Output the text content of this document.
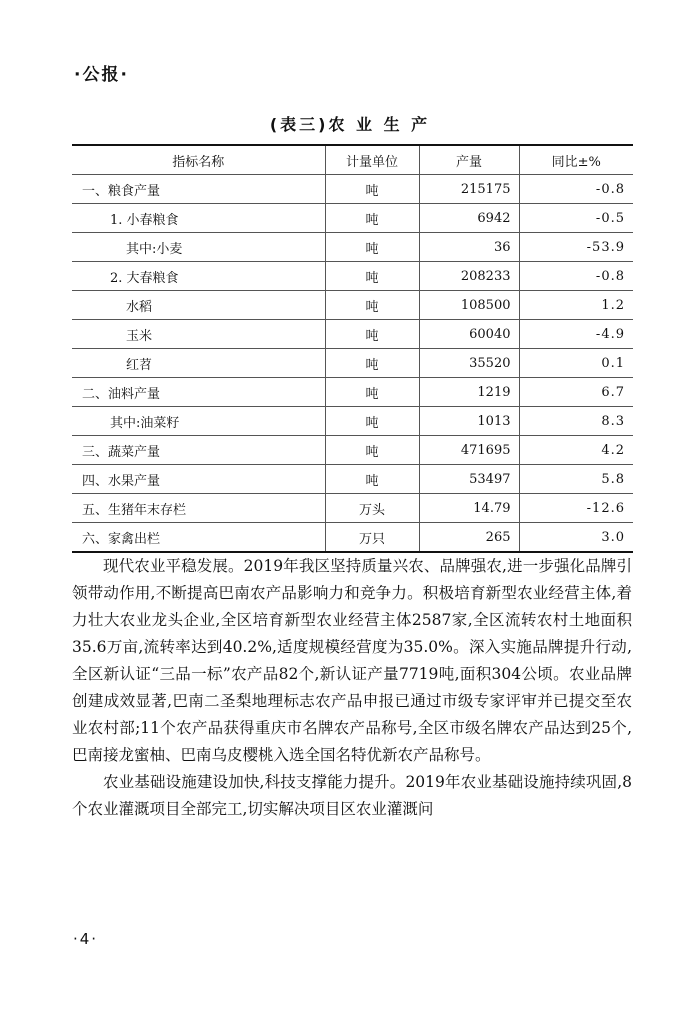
·公报·
(表三)农 业 生 产
指标名称	计量单位	产量	同比±%
一、粮食产量	吨	215175	-0.8
1. 小春粮食	吨	6942	-0.5
其中:小麦	吨	36	-53.9
2. 大春粮食	吨	208233	-0.8
水稻	吨	108500	1.2
玉米	吨	60040	-4.9
红苕	吨	35520	0.1
二、油料产量	吨	1219	6.7
其中:油菜籽	吨	1013	8.3
三、蔬菜产量	吨	471695	4.2
四、水果产量	吨	53497	5.8
五、生猪年末存栏	万头	14.79	-12.6
六、家禽出栏	万只	265	3.0

现代农业平稳发展。2019年我区坚持质量兴农、品牌强农,进一步强化品牌引领带动作用,不断提高巴南农产品影响力和竞争力。积极培育新型农业经营主体,着力壮大农业龙头企业,全区培育新型农业经营主体2587家,全区流转农村土地面积35.6万亩,流转率达到40.2%,适度规模经营度为35.0%。深入实施品牌提升行动,全区新认证“三品一标”农产品82个,新认证产量7719吨,面积304公顷。农业品牌创建成效显著,巴南二圣梨地理标志农产品申报已通过市级专家评审并已提交至农业农村部;11个农产品获得重庆市名牌农产品称号,全区市级名牌农产品达到25个,巴南接龙蜜柚、巴南乌皮樱桃入选全国名特优新农产品称号。

农业基础设施建设加快,科技支撑能力提升。2019年农业基础设施持续巩固,8个农业灌溉项目全部完工,切实解决项目区农业灌溉问

·4·
